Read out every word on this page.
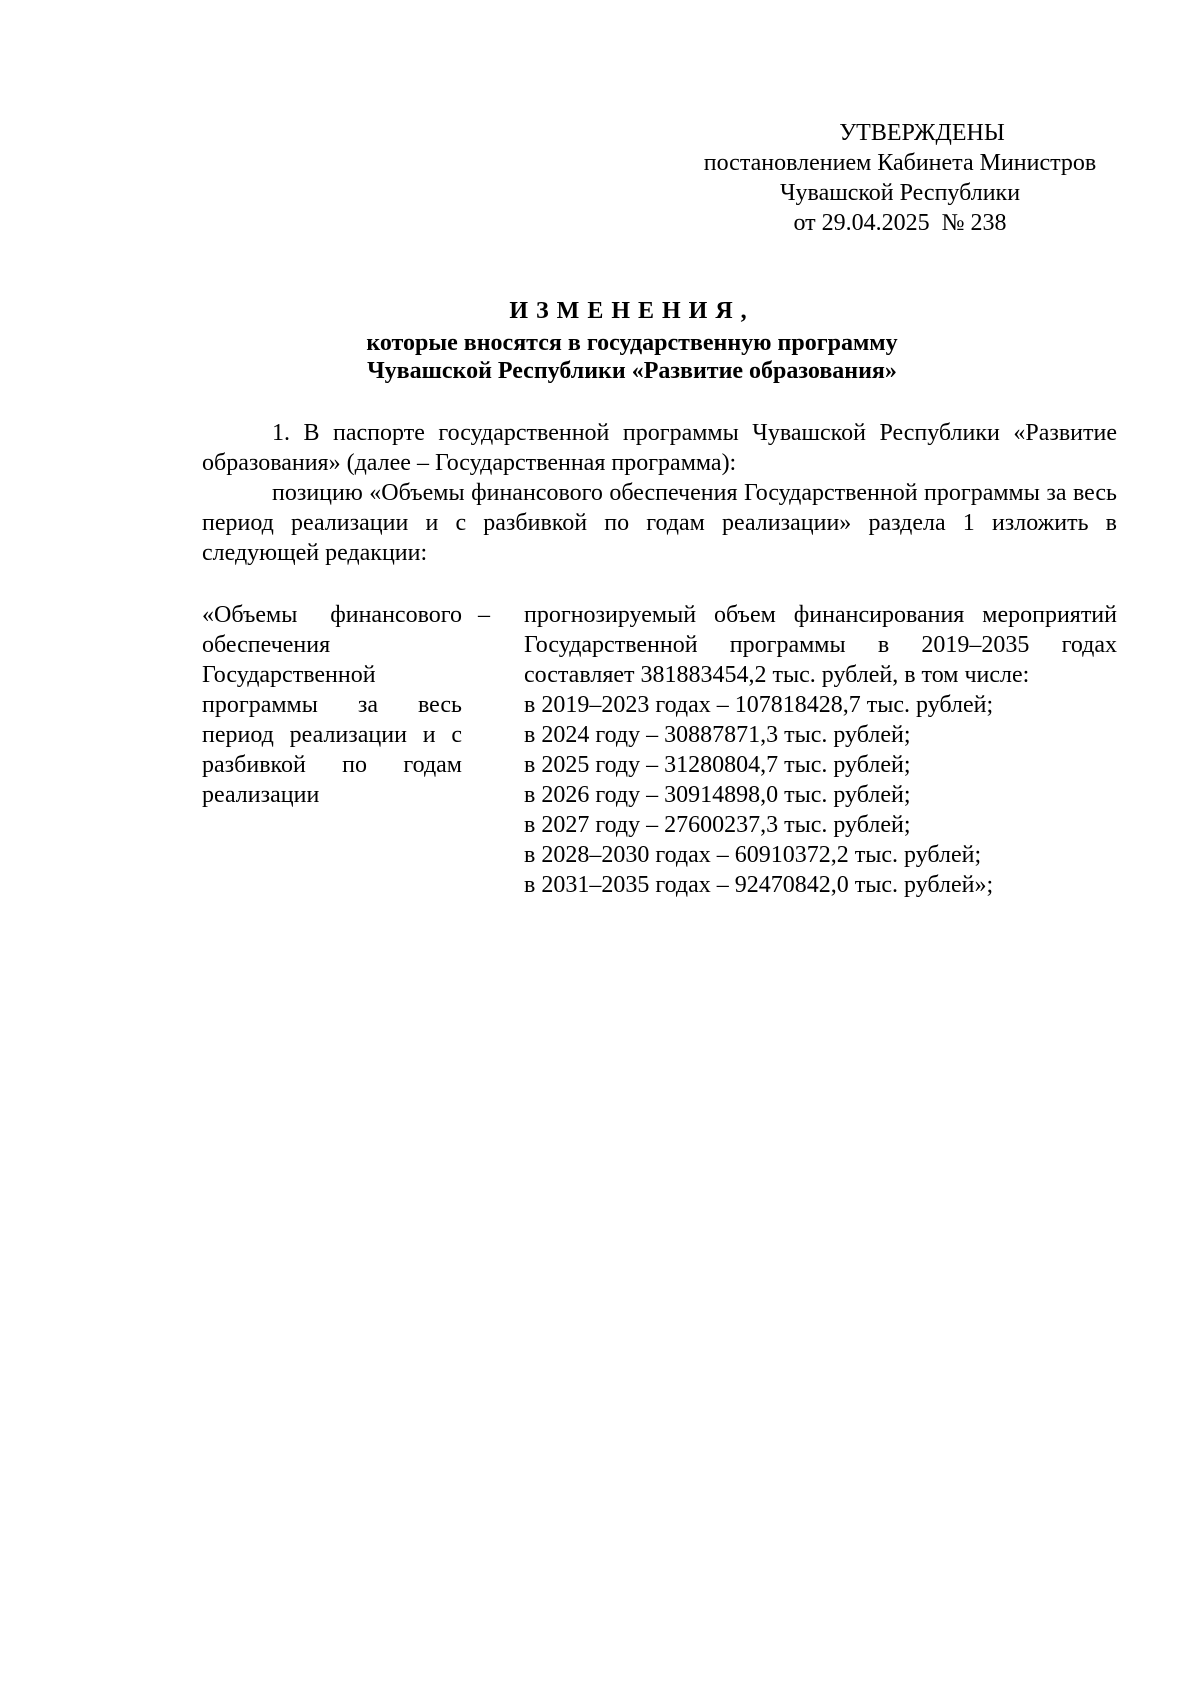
УТВЕРЖДЕНЫ
постановлением Кабинета Министров
Чувашской Республики
от 29.04.2025 № 238
ИЗМЕНЕНИЯ,
которые вносятся в государственную программу
Чувашской Республики «Развитие образования»

1. В паспорте государственной программы Чувашской Республики «Развитие образования» (далее – Государственная программа):

позицию «Объемы финансового обеспечения Государственной программы за весь период реализации и с разбивкой по годам реализации» раздела 1 изложить в следующей редакции:

«Объемы финансового обеспечения Государственной программы за весь период реализации и с разбивкой по годам реализации
– прогнозируемый объем финансирования мероприятий Государственной программы в 2019–2035 годах составляет 381883454,2 тыс. рублей, в том числе:
в 2019–2023 годах – 107818428,7 тыс. рублей;
в 2024 году – 30887871,3 тыс. рублей;
в 2025 году – 31280804,7 тыс. рублей;
в 2026 году – 30914898,0 тыс. рублей;
в 2027 году – 27600237,3 тыс. рублей;
в 2028–2030 годах – 60910372,2 тыс. рублей;
в 2031–2035 годах – 92470842,0 тыс. рублей»;
